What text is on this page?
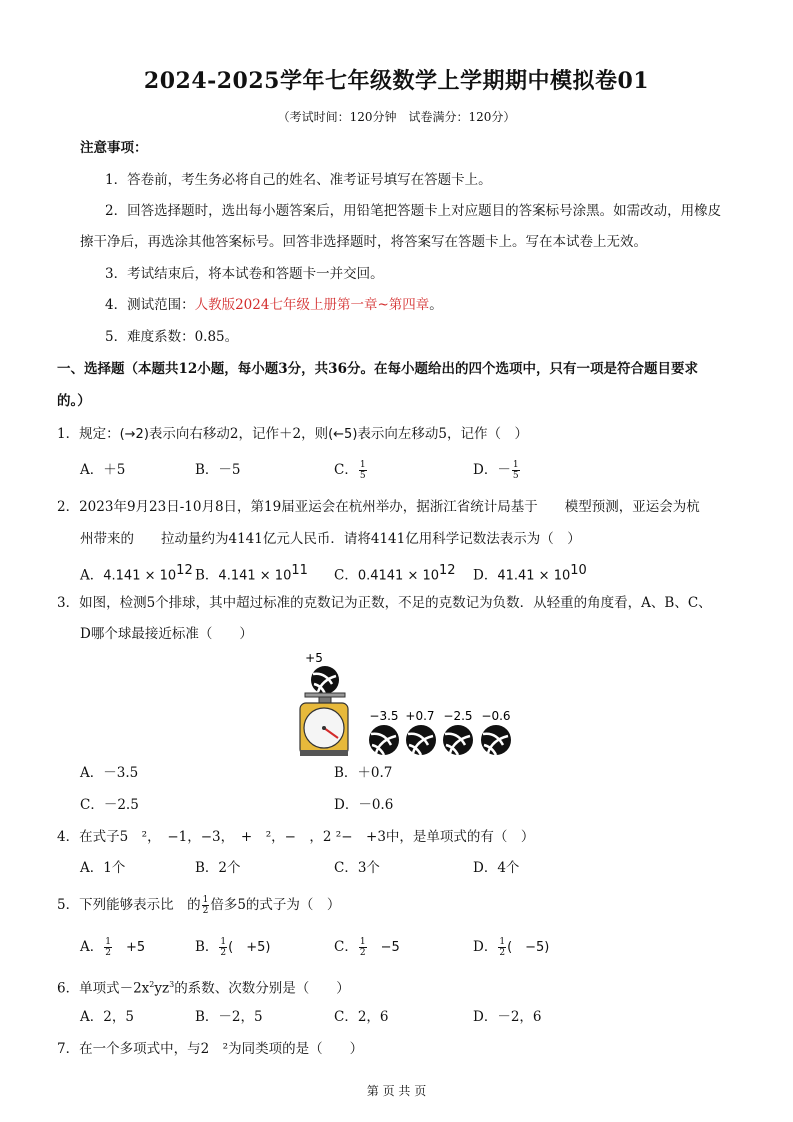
2024-2025学年七年级数学上学期期中模拟卷01
（考试时间：120分钟　试卷满分：120分）
注意事项：
1．答卷前，考生务必将自己的姓名、准考证号填写在答题卡上。
2．回答选择题时，选出每小题答案后，用铅笔把答题卡上对应题目的答案标号涂黑。如需改动，用橡皮
擦干净后，再选涂其他答案标号。回答非选择题时，将答案写在答题卡上。写在本试卷上无效。
3．考试结束后，将本试卷和答题卡一并交回。
4．测试范围：人教版2024七年级上册第一章~第四章。
5．难度系数：0.85。
一、选择题（本题共12小题，每小题3分，共36分。在每小题给出的四个选项中，只有一项是符合题目要求
的。）
1．规定：(→2)表示向右移动2，记作＋2，则(←5)表示向左移动5，记作（　）
A．＋5	B．－5	C． $\frac{1}{5}$	D．－ $\frac{1}{5}$
2．2023年9月23日-10月8日，第19届亚运会在杭州举办，据浙江省统计局基于　　模型预测，亚运会为杭
州带来的　　拉动量约为4141亿元人民币．请将4141亿用科学记数法表示为（　）
A．$4.141 \times 10^{12}$ B．$4.141 \times 10^{11}$ C．$0.4141 \times 10^{12}$ D．$41.41 \times 10^{10}$
3．如图，检测5个排球，其中超过标准的克数记为正数，不足的克数记为负数．从轻重的角度看，A、B、C、
D哪个球最接近标准（　　）
+5
−3.5 +0.7 −2.5 −0.6
A．－3.5	B．＋0.7
C．－2.5	D．－0.6
4．在式子5　²，　−1，−3，　+　²，−　，2 ²−　+3中，是单项式的有（　）
A．1个	B．2个	C．3个	D．4个
5．下列能够表示比　的 $\frac{1}{2}$ 倍多5的式子为（　）
A． $\frac{1}{2}$ 　+5	B． $\frac{1}{2}$ (　+5)	C． $\frac{1}{2}$ 　−5	D． $\frac{1}{2}$ (　−5)
6．单项式$-2x^2yz^3$的系数、次数分别是（　　）
A．2，5	B．－2，5	C．2，6	D．－2，6
7．在一个多项式中，与2　²为同类项的是（　　）
第 页 共 页
